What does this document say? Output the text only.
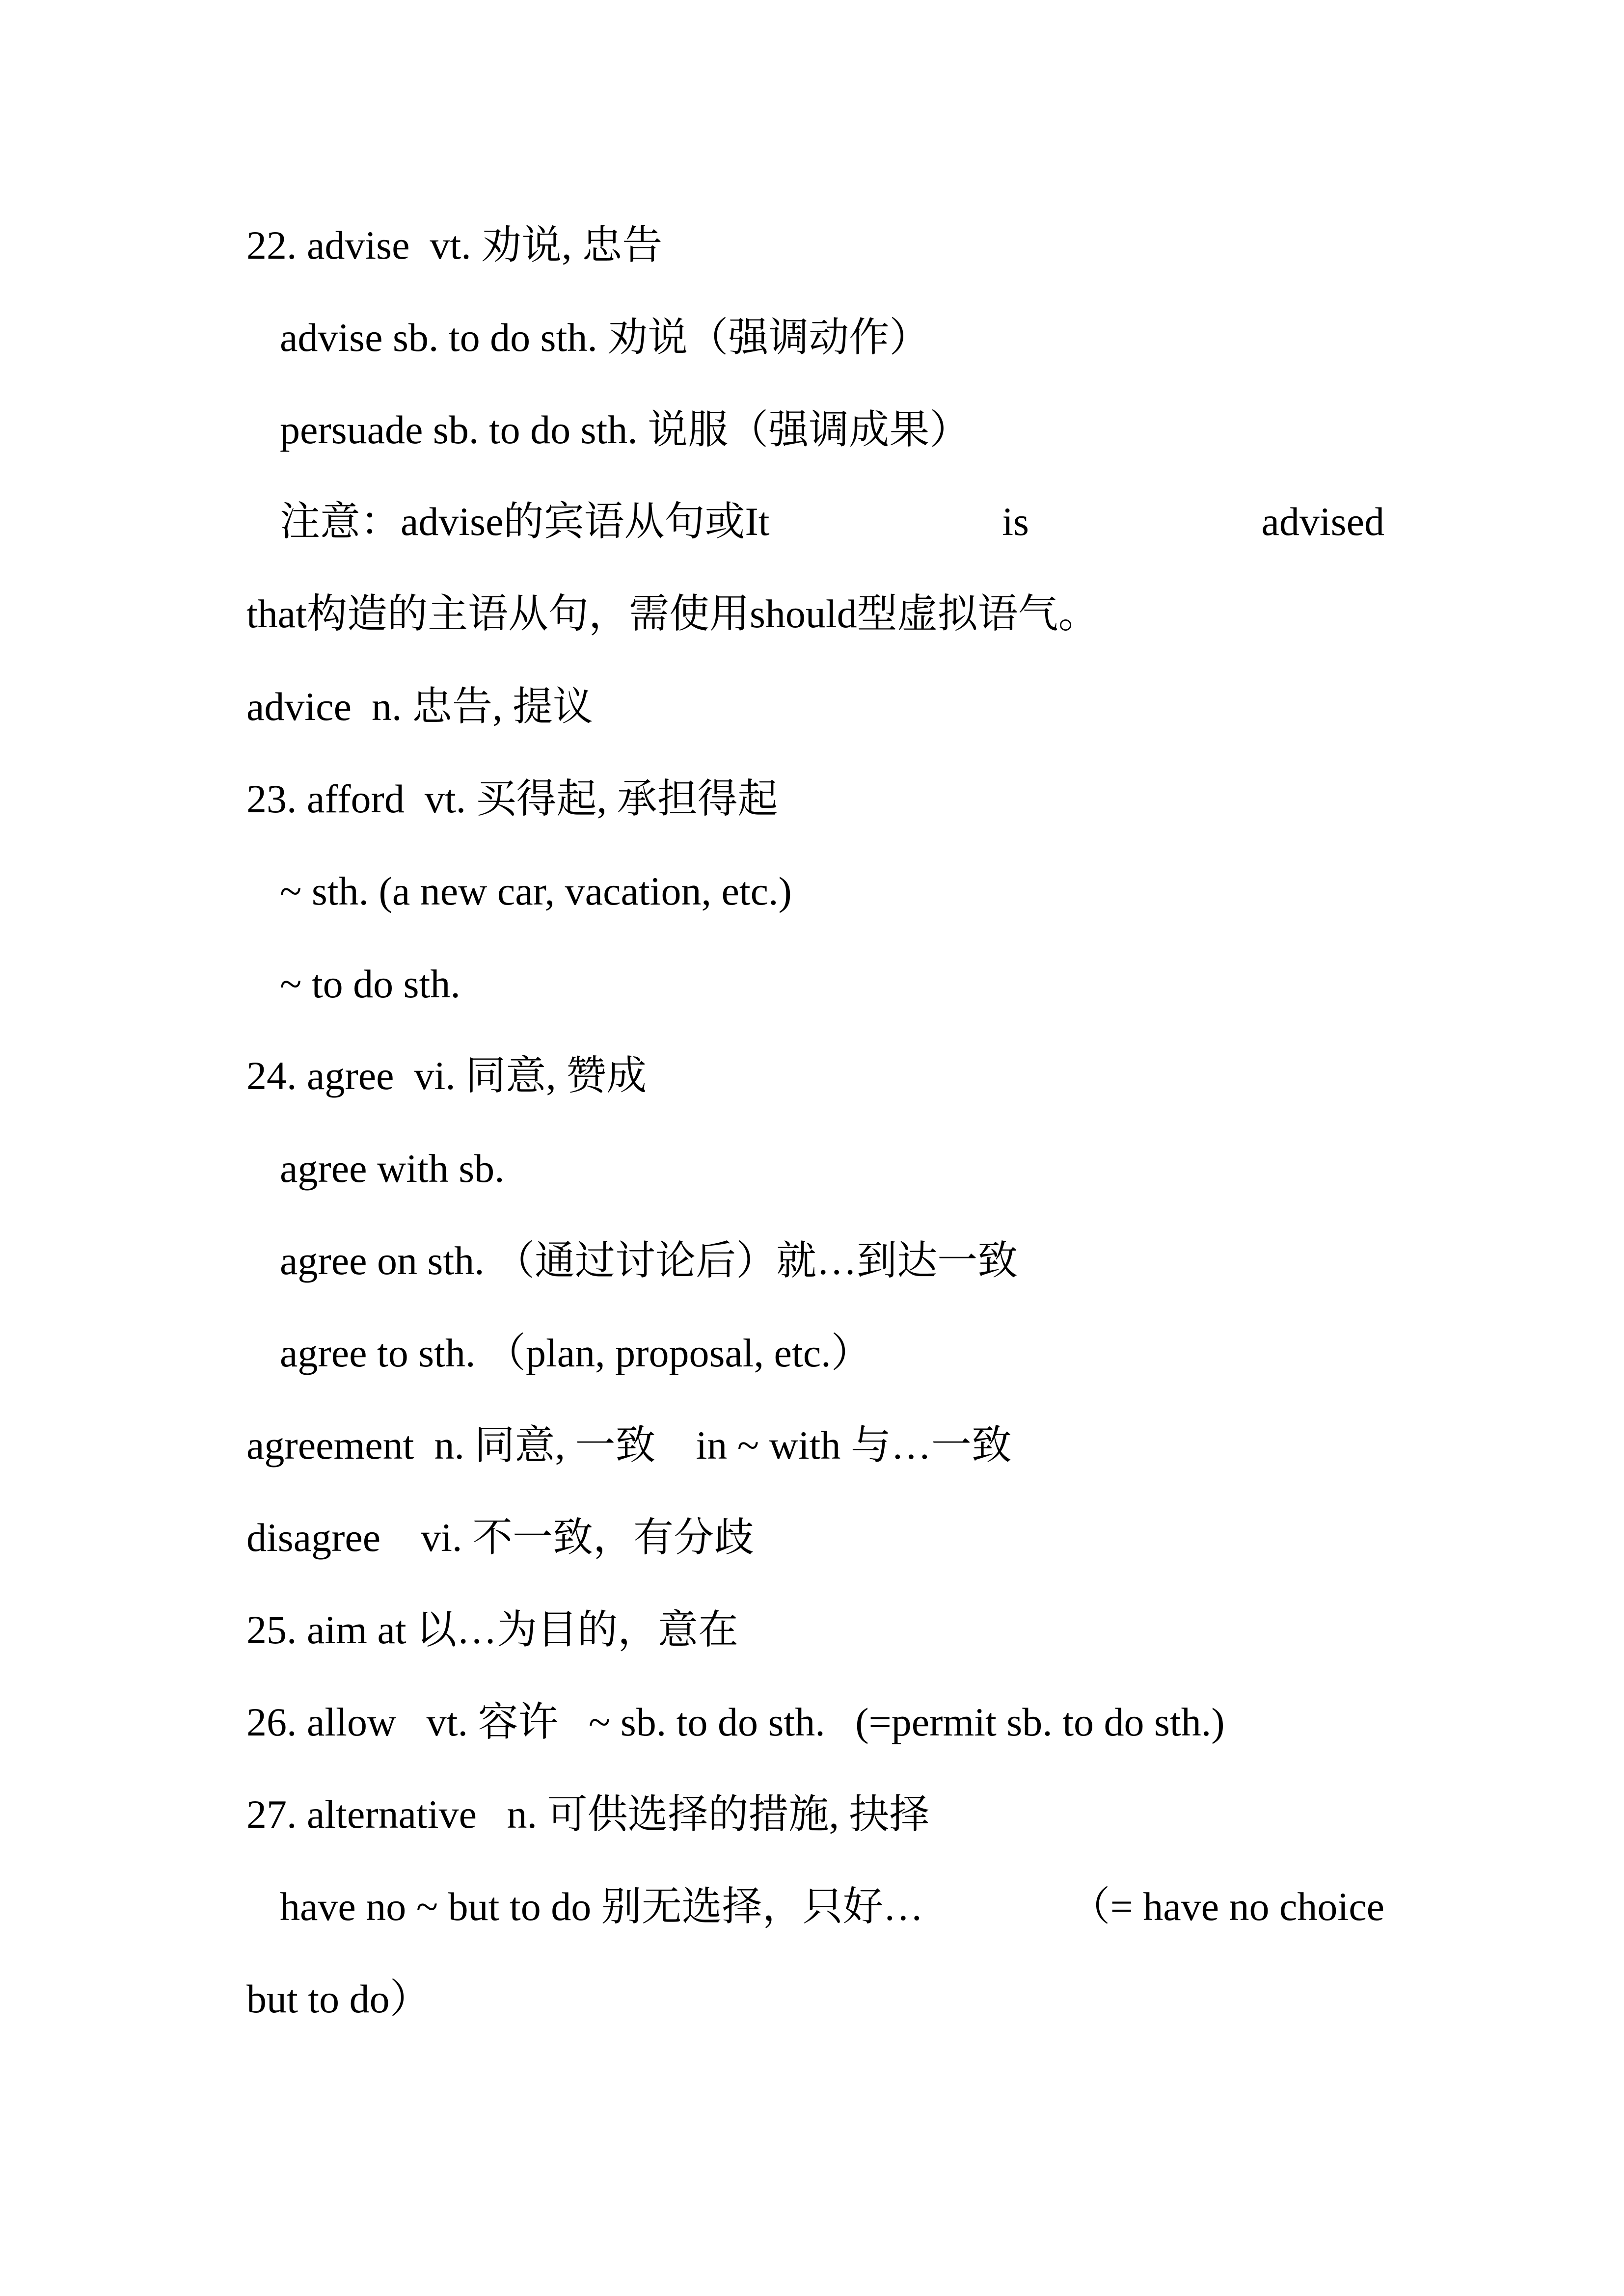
22. advise  vt. 劝说, 忠告
advise sb. to do sth. 劝说（强调动作）
persuade sb. to do sth. 说服（强调成果）
注意：advise的宾语从句或It	is	advised
that构造的主语从句，需使用should型虚拟语气。
advice  n. 忠告, 提议
23. afford  vt. 买得起, 承担得起
~ sth. (a new car, vacation, etc.)
~ to do sth.
24. agree  vi. 同意, 赞成
agree with sb.
agree on sth. （通过讨论后）就…到达一致
agree to sth. （plan, proposal, etc.）
agreement  n. 同意, 一致    in ~ with 与…一致
disagree    vi. 不一致，有分歧
25. aim at 以…为目的，意在
26. allow   vt. 容许   ~ sb. to do sth.   (=permit sb. to do sth.)
27. alternative   n. 可供选择的措施, 抉择
have no ~ but to do 别无选择，只好…	（= have no choice
but to do）
